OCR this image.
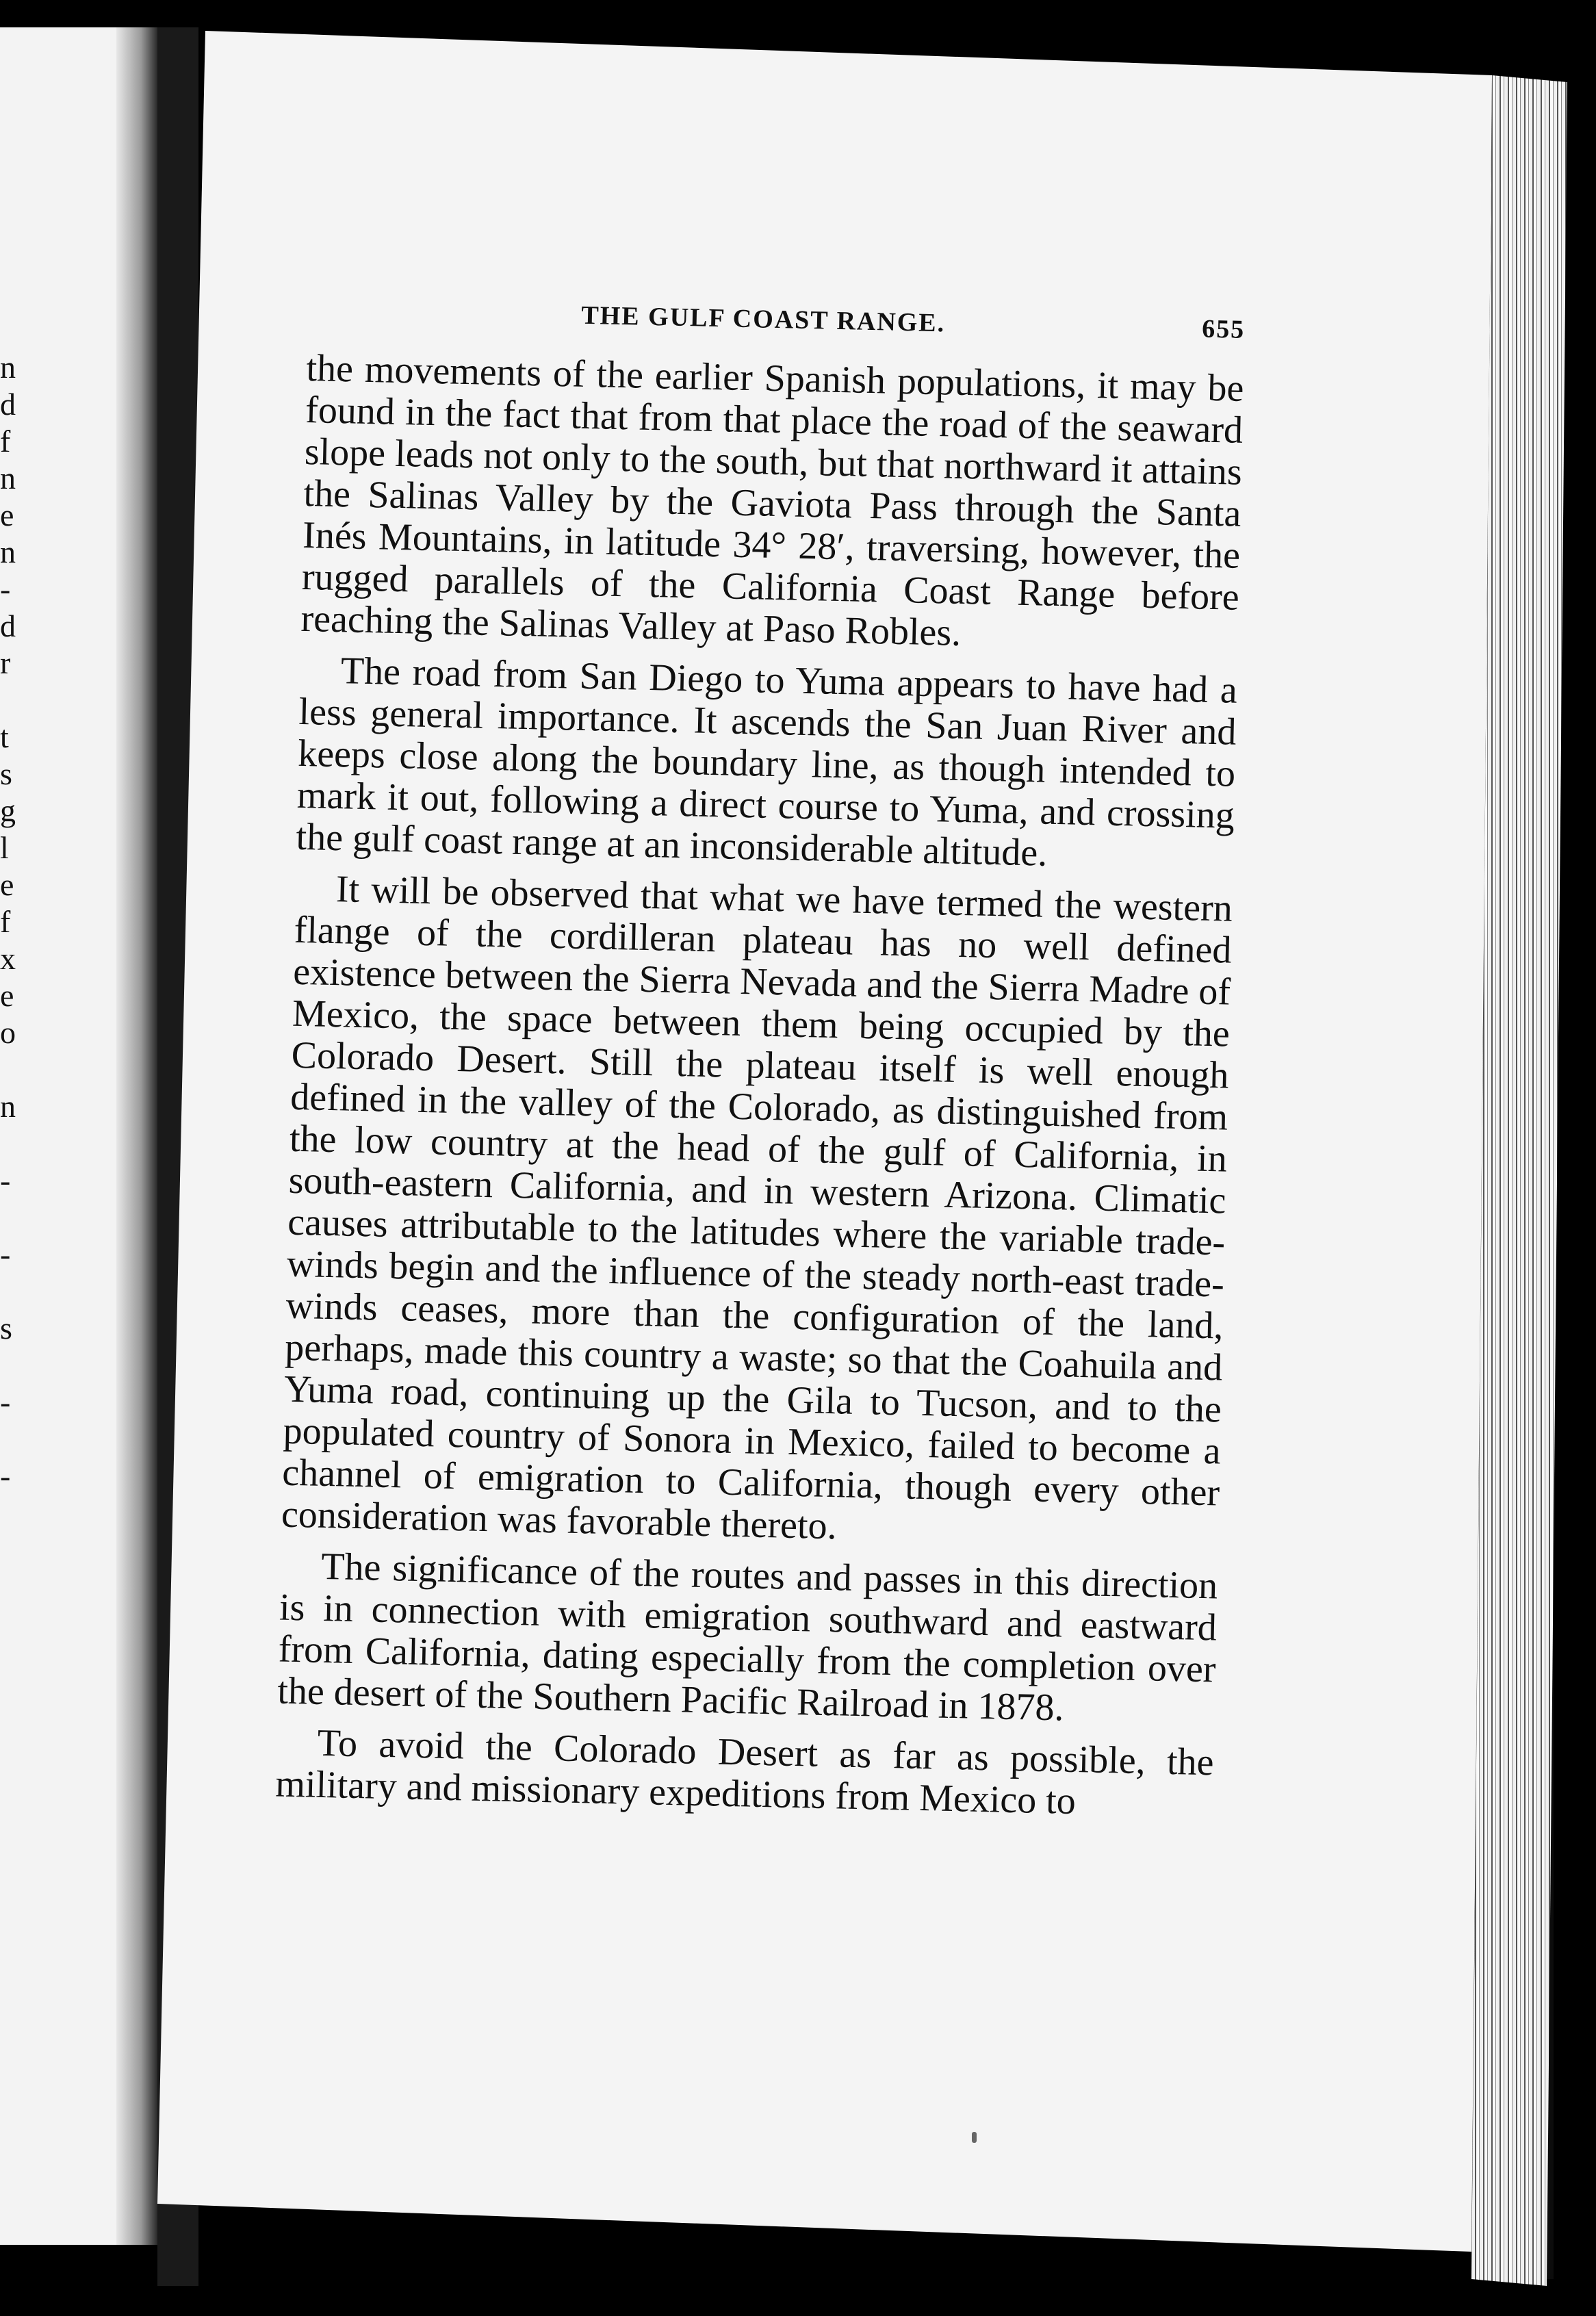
n
d
f
n
e
n
-
d
r

t
s
g
l
e
f
x
e
o

n

-

-

s

-

-
THE GULF COAST RANGE.	655

the movements of the earlier Spanish populations, it may be found in the fact that from that place the road of the seaward slope leads not only to the south, but that northward it attains the Salinas Valley by the Gaviota Pass through the Santa Inés Mountains, in latitude 34° 28′, traversing, however, the rugged parallels of the California Coast Range before reaching the Salinas Valley at Paso Robles.

The road from San Diego to Yuma appears to have had a less general importance. It ascends the San Juan River and keeps close along the boundary line, as though intended to mark it out, following a direct course to Yuma, and crossing the gulf coast range at an inconsiderable altitude.

It will be observed that what we have termed the western flange of the cordilleran plateau has no well defined existence between the Sierra Nevada and the Sierra Madre of Mexico, the space between them being occupied by the Colorado Desert. Still the plateau itself is well enough defined in the valley of the Colorado, as distinguished from the low country at the head of the gulf of California, in south-eastern California, and in western Arizona. Climatic causes attributable to the latitudes where the variable trade-winds begin and the influence of the steady north-east trade-winds ceases, more than the configuration of the land, perhaps, made this country a waste; so that the Coahuila and Yuma road, continuing up the Gila to Tucson, and to the populated country of Sonora in Mexico, failed to become a channel of emigration to California, though every other consideration was favorable thereto.

The significance of the routes and passes in this direction is in connection with emigration southward and eastward from California, dating especially from the completion over the desert of the Southern Pacific Railroad in 1878.

To avoid the Colorado Desert as far as possible, the military and missionary expeditions from Mexico to
